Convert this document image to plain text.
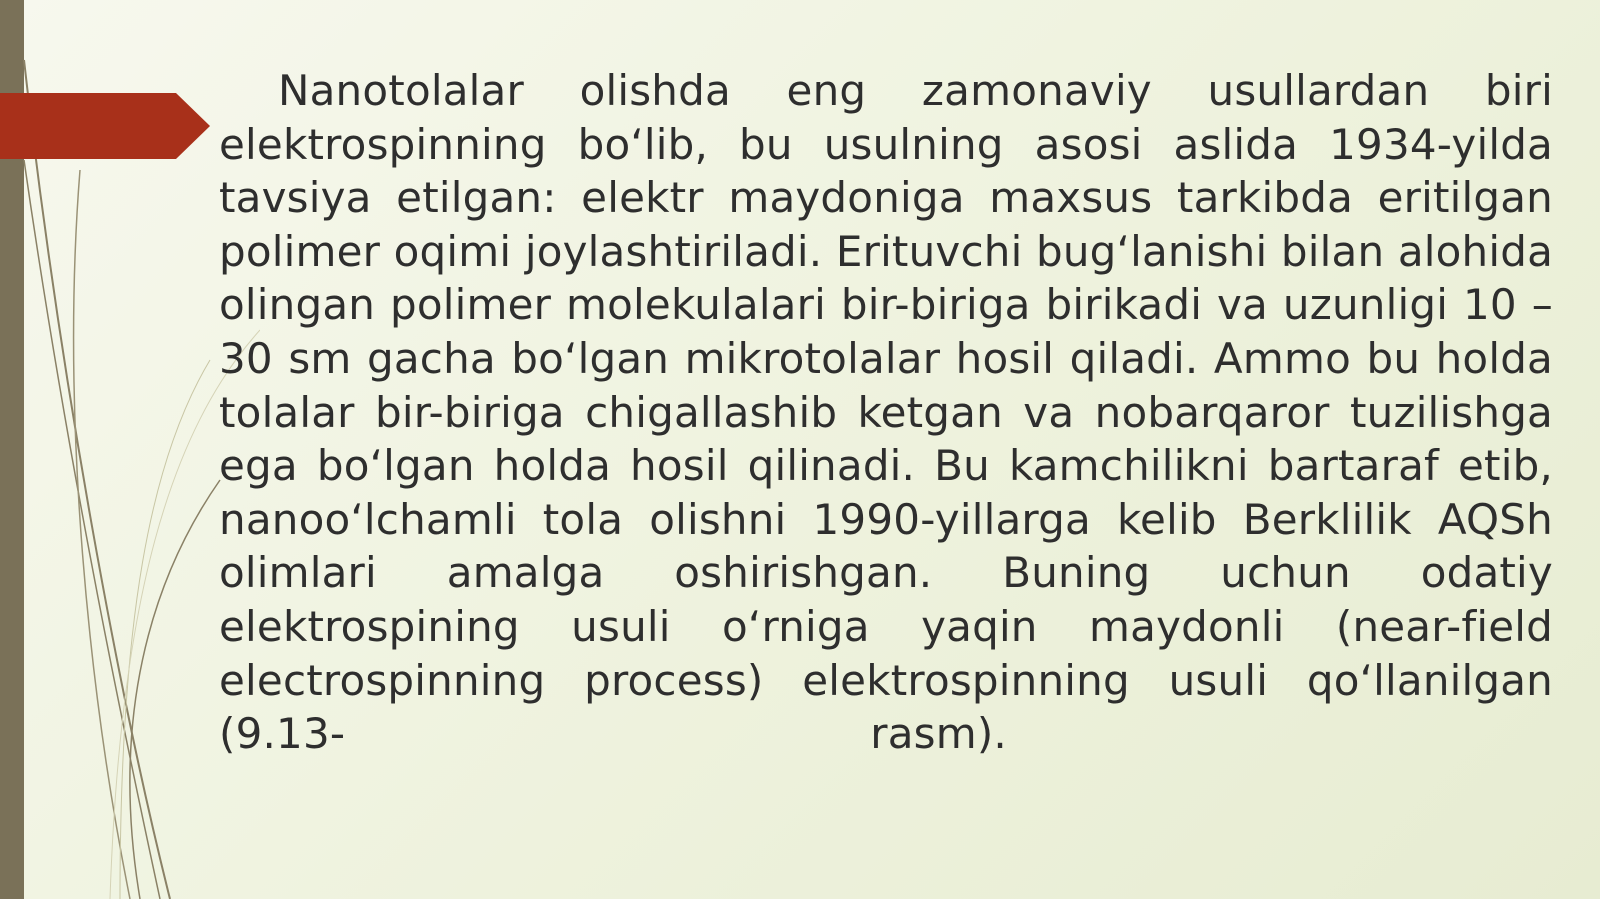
Nanotolalar olishda eng zamonaviy usullardan biri
elektrospinning bo‘lib, bu usulning asosi aslida 1934-yilda
tavsiya etilgan: elektr maydoniga maxsus tarkibda eritilgan
polimer oqimi joylashtiriladi. Erituvchi bug‘lanishi bilan alohida
olingan polimer molekulalari bir-biriga birikadi va uzunligi 10 –
30 sm gacha bo‘lgan mikrotolalar hosil qiladi. Ammo bu holda
tolalar bir-biriga chigallashib ketgan va nobarqaror tuzilishga
ega bo‘lgan holda hosil qilinadi. Bu kamchilikni bartaraf etib,
nanoo‘lchamli tola olishni 1990-yillarga kelib Berklilik AQSh
olimlari amalga oshirishgan. Buning uchun odatiy
elektrospining usuli o‘rniga yaqin maydonli (near-field
electrospinning process) elektrospinning usuli qo‘llanilgan
(9.13-	rasm).
